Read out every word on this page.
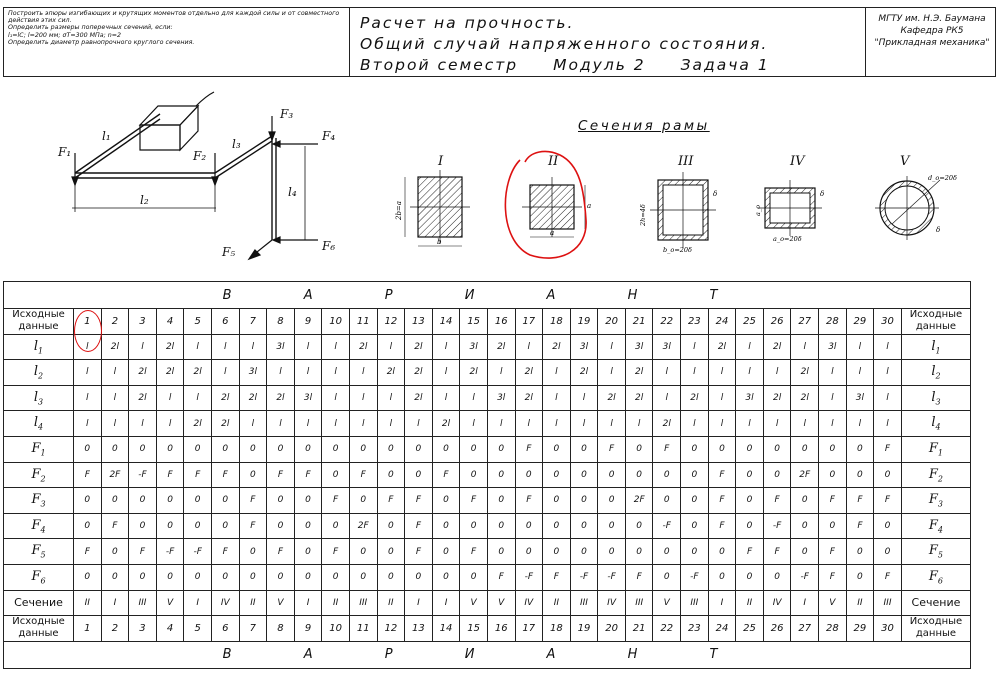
Построить эпюры изгибающих и крутящих моментов отдельно для каждой силы и от совместного
действия этих сил.
Определить размеры поперечных сечений, если:
l₁=lС; l=200 мм; σT=300 МПа; n=2
Определить диаметр равнопрочного круглого сечения.
Расчет на прочность.
Общий случай напряженного состояния.
Второй семестр Модуль 2 Задача 1
МГТУ им. Н.Э. Баумана
Кафедра РК5
"Прикладная механика"
F₁	F₂
F₃
F₄
F₆
F₅
l₁
l₂
l₃
l₄
Сечения рамы
I	II	III	IV	V
2b=a
b
a
a	2h=4δ
b_o=20δ
δ
a_o
a_o=20δ
δ
d_o=20δ
δ
В А Р И А Н Т																															
Исходные данные	1	2	3	4	5	6	7	8	9	10	11	12	13	14	15	16	17	18	19	20	21	22	23	24	25	26	27	28	29	30	Исходные данные
$l_1$	l	2l	l	2l	l	l	l	3l	l	l	2l	l	2l	l	3l	2l	l	2l	3l	l	3l	3l	l	2l	l	2l	l	3l	l	l	$l_1$
$l_2$	l	l	2l	2l	2l	l	3l	l	l	l	l	2l	2l	l	2l	l	2l	l	2l	l	2l	l	l	l	l	l	2l	l	l	l	$l_2$
$l_3$	l	l	2l	l	l	2l	2l	2l	3l	l	l	l	2l	l	l	3l	2l	l	l	2l	2l	l	2l	l	3l	2l	2l	l	3l	l	$l_3$
$l_4$	l	l	l	l	2l	2l	l	l	l	l	l	l	l	2l	l	l	l	l	l	l	l	2l	l	l	l	l	l	l	l	l	$l_4$
$F_1$	0	0	0	0	0	0	0	0	0	0	0	0	0	0	0	0	F	0	0	F	0	F	0	0	0	0	0	0	0	F	$F_1$
$F_2$	F	2F	-F	F	F	F	0	F	F	0	F	0	0	F	0	0	0	0	0	0	0	0	0	F	0	0	2F	0	0	0	$F_2$
$F_3$	0	0	0	0	0	0	F	0	0	F	0	F	F	0	F	0	F	0	0	0	2F	0	0	F	0	F	0	F	F	F	$F_3$
$F_4$	0	F	0	0	0	0	F	0	0	0	2F	0	F	0	0	0	0	0	0	0	0	-F	0	F	0	-F	0	0	F	0	$F_4$
$F_5$	F	0	F	-F	-F	F	0	F	0	F	0	0	F	0	F	0	0	0	0	0	0	0	0	0	F	F	0	F	0	0	$F_5$
$F_6$	0	0	0	0	0	0	0	0	0	0	0	0	0	0	0	F	-F	F	-F	-F	F	0	-F	0	0	0	-F	F	0	F	$F_6$
Сечение	II	I	III	V	I	IV	II	V	I	II	III	II	I	I	V	V	IV	II	III	IV	III	V	III	I	II	IV	I	V	II	III	Сечение
Исходные данные	1	2	3	4	5	6	7	8	9	10	11	12	13	14	15	16	17	18	19	20	21	22	23	24	25	26	27	28	29	30	Исходные данные
В А Р И А Н Т																															
